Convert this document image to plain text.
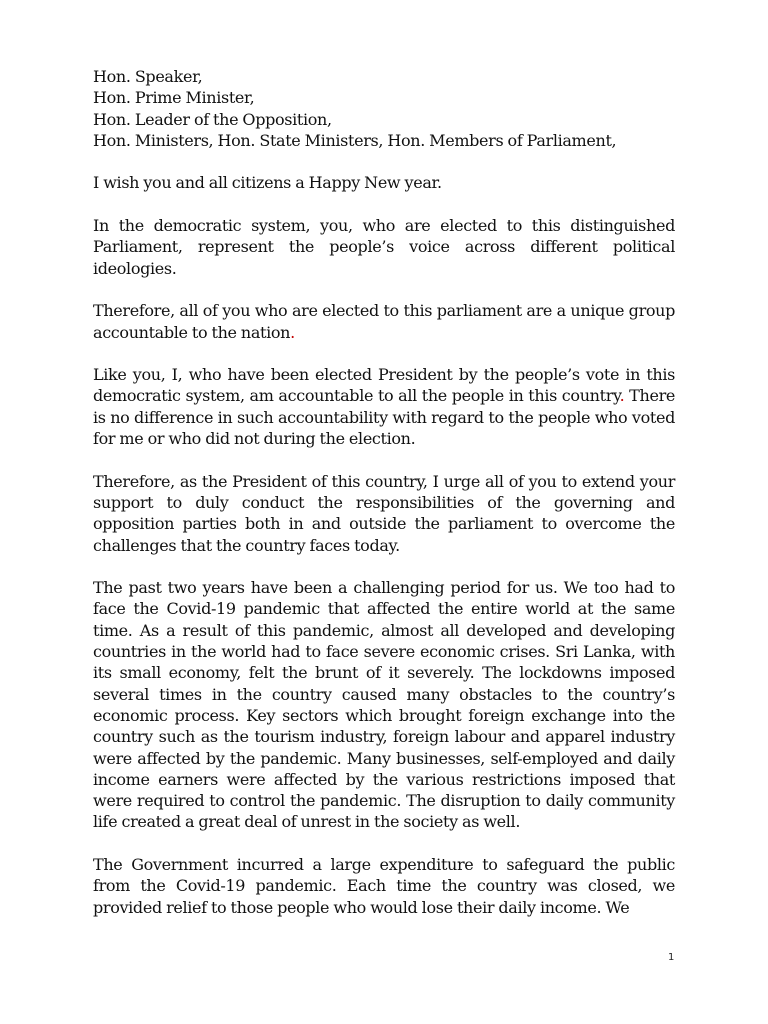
Hon. Speaker,

Hon. Prime Minister,

Hon. Leader of the Opposition,

Hon. Ministers, Hon. State Ministers, Hon. Members of Parliament,

I wish you and all citizens a Happy New year.

In the democratic system, you, who are elected to this distinguished Parliament, represent the people’s voice across different political ideologies.

Therefore, all of you who are elected to this parliament are a unique group accountable to the nation.

Like you, I, who have been elected President by the people’s vote in this democratic system, am accountable to all the people in this country. There is no difference in such accountability with regard to the people who voted for me or who did not during the election.

Therefore, as the President of this country, I urge all of you to extend your support to duly conduct the responsibilities of the governing and opposition parties both in and outside the parliament to overcome the challenges that the country faces today.

The past two years have been a challenging period for us. We too had to face the Covid-19 pandemic that affected the entire world at the same time. As a result of this pandemic, almost all developed and developing countries in the world had to face severe economic crises. Sri Lanka, with its small economy, felt the brunt of it severely. The lockdowns imposed several times in the country caused many obstacles to the country’s economic process. Key sectors which brought foreign exchange into the country such as the tourism industry, foreign labour and apparel industry were affected by the pandemic. Many businesses, self-employed and daily income earners were affected by the various restrictions imposed that were required to control the pandemic. The disruption to daily community life created a great deal of unrest in the society as well.

The Government incurred a large expenditure to safeguard the public from the Covid-19 pandemic. Each time the country was closed, we provided relief to those people who would lose their daily income. We

1
